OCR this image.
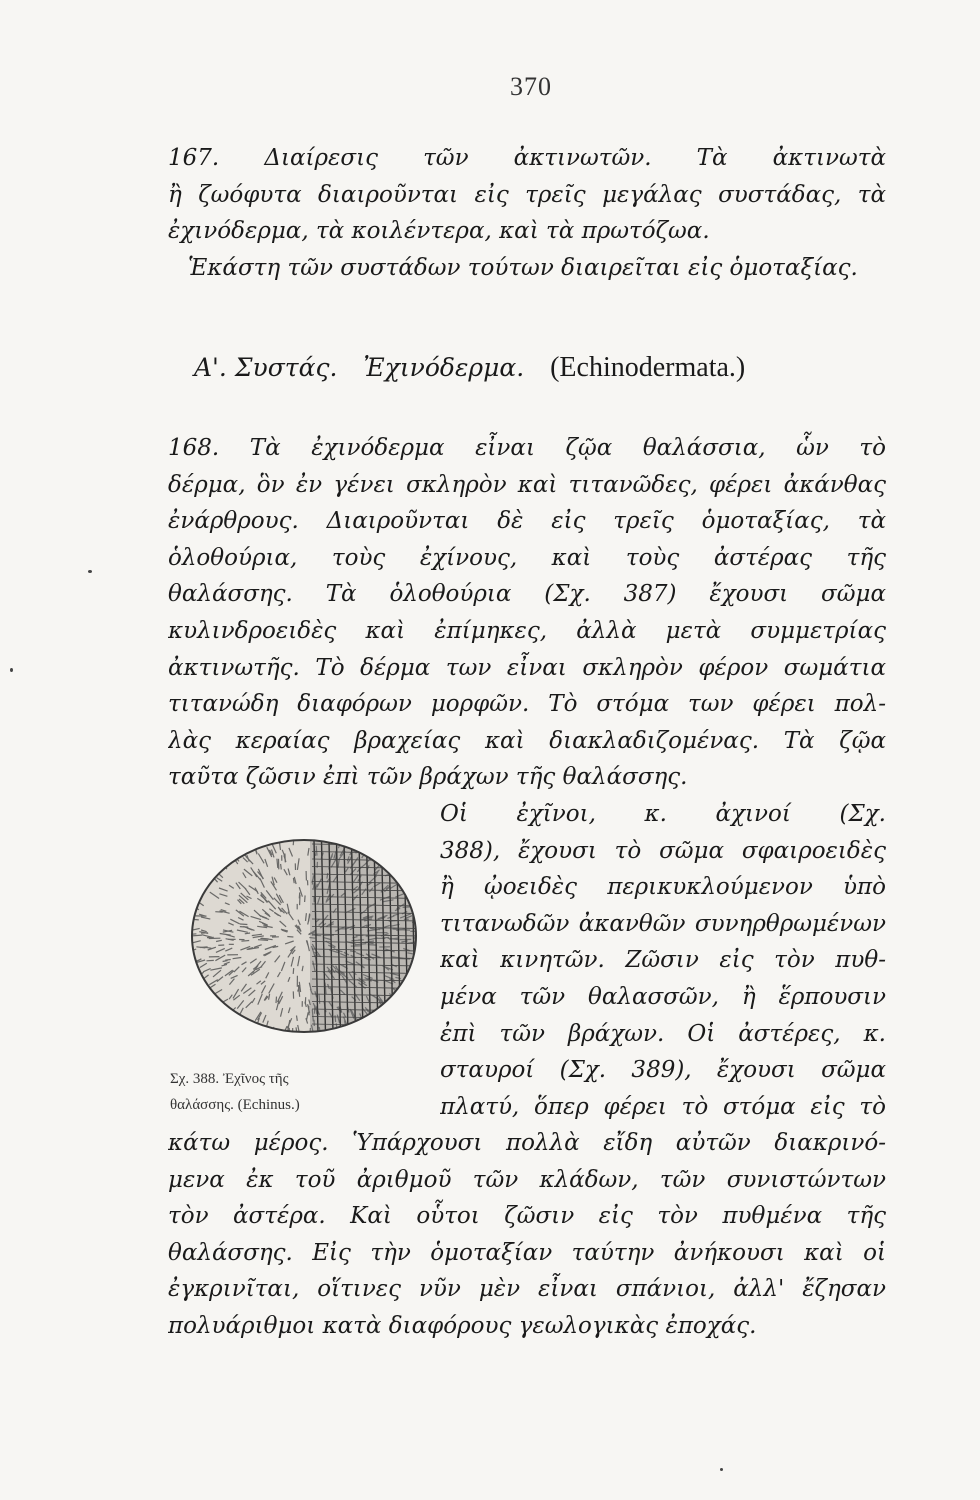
370
167. Διαίρεσις τῶν ἀκτινωτῶν. Τὰ ἀκτινωτὰ
ἢ ζωόφυτα διαιροῦνται εἰς τρεῖς μεγάλας συστάδας, τὰ
ἐχινόδερμα, τὰ κοιλέντερα, καὶ τὰ πρωτόζωα.
Ἑκάστη τῶν συστάδων τούτων διαιρεῖται εἰς ὁμοταξίας.
Α'. Συστάς. Ἐχινόδερμα. (Echinodermata.)
168. Τὰ ἐχινόδερμα εἶναι ζῷα θαλάσσια, ὧν τὸ
δέρμα, ὃν ἐν γένει σκληρὸν καὶ τιτανῶδες, φέρει ἀκάνθας
ἐνάρθρους. Διαιροῦνται δὲ εἰς τρεῖς ὁμοταξίας, τὰ
ὁλοθούρια, τοὺς ἐχίνους, καὶ τοὺς ἀστέρας τῆς
θαλάσσης. Τὰ ὁλοθούρια (Σχ. 387) ἔχουσι σῶμα
κυλινδροειδὲς καὶ ἐπίμηκες, ἀλλὰ μετὰ συμμετρίας
ἀκτινωτῆς. Τὸ δέρμα των εἶναι σκληρὸν φέρον σωμάτια
τιτανώδη διαφόρων μορφῶν. Τὸ στόμα των φέρει πολ-
λὰς κεραίας βραχείας καὶ διακλαδιζομένας. Τὰ ζῷα
ταῦτα ζῶσιν ἐπὶ τῶν βράχων τῆς θαλάσσης.
Σχ. 388. Ἐχῖνος τῆς
θαλάσσης. (Echinus.)
Οἱ ἐχῖνοι, κ. ἀχινοί (Σχ.
388), ἔχουσι τὸ σῶμα σφαιροειδὲς
ἢ ᾠοειδὲς περικυκλούμενον ὑπὸ
τιτανωδῶν ἀκανθῶν συνηρθρωμένων
καὶ κινητῶν. Ζῶσιν εἰς τὸν πυθ-
μένα τῶν θαλασσῶν, ἢ ἕρπουσιν
ἐπὶ τῶν βράχων. Οἱ ἀστέρες, κ.
σταυροί (Σχ. 389), ἔχουσι σῶμα
πλατύ, ὅπερ φέρει τὸ στόμα εἰς τὸ
κάτω μέρος. Ὑπάρχουσι πολλὰ εἴδη αὐτῶν διακρινό-
μενα ἐκ τοῦ ἀριθμοῦ τῶν κλάδων, τῶν συνιστώντων
τὸν ἀστέρα. Καὶ οὗτοι ζῶσιν εἰς τὸν πυθμένα τῆς
θαλάσσης. Εἰς τὴν ὁμοταξίαν ταύτην ἀνήκουσι καὶ οἱ
ἐγκρινῖται, οἵτινες νῦν μὲν εἶναι σπάνιοι, ἀλλ' ἔζησαν
πολυάριθμοι κατὰ διαφόρους γεωλογικὰς ἐποχάς.
